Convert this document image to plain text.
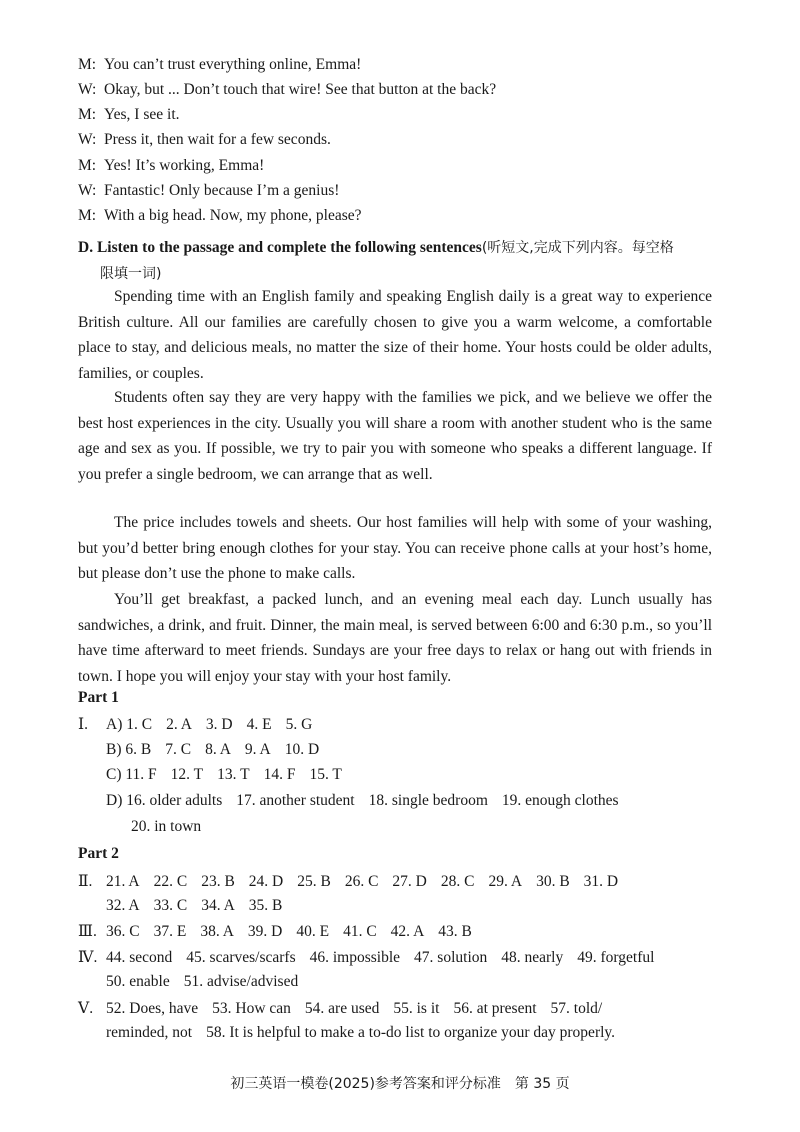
M: You can’t trust everything online, Emma!
W: Okay, but ... Don’t touch that wire! See that button at the back?
M: Yes, I see it.
W: Press it, then wait for a few seconds.
M: Yes! It’s working, Emma!
W: Fantastic! Only because I’m a genius!
M: With a big head. Now, my phone, please?
D. Listen to the passage and complete the following sentences(听短文,完成下列内容。每空格
限填一词)
Spending time with an English family and speaking English daily is a great way to experience British culture. All our families are carefully chosen to give you a warm welcome, a comfortable place to stay, and delicious meals, no matter the size of their home. Your hosts could be older adults, families, or couples.
Students often say they are very happy with the families we pick, and we believe we offer the best host experiences in the city. Usually you will share a room with another student who is the same age and sex as you. If possible, we try to pair you with someone who speaks a different language. If you prefer a single bedroom, we can arrange that as well.
The price includes towels and sheets. Our host families will help with some of your washing, but you’d better bring enough clothes for your stay. You can receive phone calls at your host’s home, but please don’t use the phone to make calls.
You’ll get breakfast, a packed lunch, and an evening meal each day. Lunch usually has sandwiches, a drink, and fruit. Dinner, the main meal, is served between 6:00 and 6:30 p.m., so you’ll have time afterward to meet friends. Sundays are your free days to relax or hang out with friends in town. I hope you will enjoy your stay with your host family.
Part 1
Ⅰ. A) 1. C 2. A 3. D 4. E 5. G
B) 6. B 7. C 8. A 9. A 10. D
C) 11. F 12. T 13. T 14. F 15. T
D) 16. older adults 17. another student 18. single bedroom 19. enough clothes
20. in town
Part 2
Ⅱ. 21. A 22. C 23. B 24. D 25. B 26. C 27. D 28. C 29. A 30. B 31. D
32. A 33. C 34. A 35. B
Ⅲ. 36. C 37. E 38. A 39. D 40. E 41. C 42. A 43. B
Ⅳ. 44. second 45. scarves/scarfs 46. impossible 47. solution 48. nearly 49. forgetful
50. enable 51. advise/advised
Ⅴ. 52. Does, have 53. How can 54. are used 55. is it 56. at present 57. told/
reminded, not 58. It is helpful to make a to-do list to organize your day properly.
初三英语一模卷(2025)参考答案和评分标准　第 35 页
